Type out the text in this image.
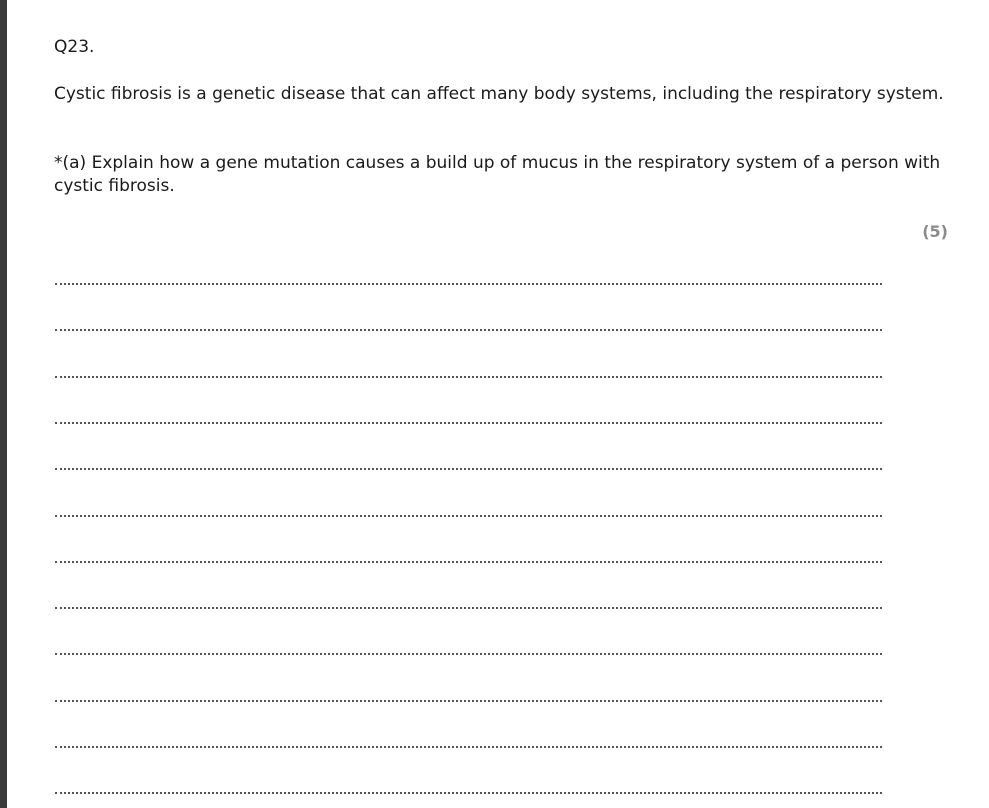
Q23.
Cystic fibrosis is a genetic disease that can affect many body systems, including the respiratory system.
*(a) Explain how a gene mutation causes a build up of mucus in the respiratory system of a person with cystic fibrosis.
(5)
